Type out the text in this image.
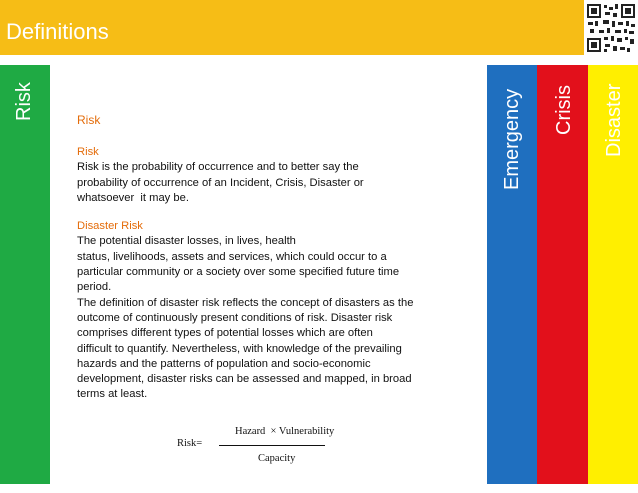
Definitions
Risk	Emergency Crisis Disaster
Risk
Risk
Risk is the probability of occurrence and to better say the
probability of occurrence of an Incident, Crisis, Disaster or
whatsoever  it may be.
Disaster Risk
The potential disaster losses, in lives, health
status, livelihoods, assets and services, which could occur to a
particular community or a society over some specified future time
period.
The definition of disaster risk reflects the concept of disasters as the
outcome of continuously present conditions of risk. Disaster risk
comprises different types of potential losses which are often
difficult to quantify. Nevertheless, with knowledge of the prevailing
hazards and the patterns of population and socio-economic
development, disaster risks can be assessed and mapped, in broad
terms at least.
Risk=
Hazard  × Vulnerability
Capacity
